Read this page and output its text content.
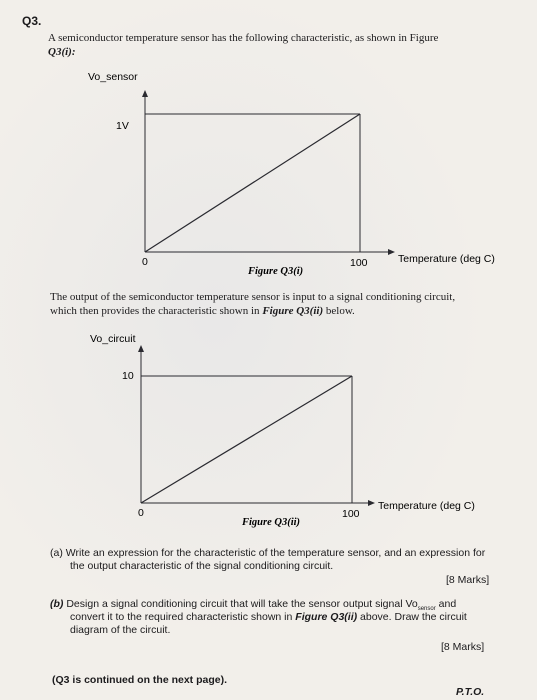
Q3.

A semiconductor temperature sensor has the following characteristic, as shown in Figure

Q3(i):

0	100
1V
Vo_sensor
Temperature (deg C)
Figure Q3(i)

The output of the semiconductor temperature sensor is input to a signal conditioning circuit,

which then provides the characteristic shown in Figure Q3(ii) below.

0	100
10
Vo_circuit
Temperature (deg C)
Figure Q3(ii)

(a) Write an expression for the characteristic of the temperature sensor, and an expression for

the output characteristic of the signal conditioning circuit.

[8 Marks]

(b) Design a signal conditioning circuit that will take the sensor output signal $Vo_{sensor}$ and

convert it to the required characteristic shown in Figure Q3(ii) above. Draw the circuit

diagram of the circuit.

[8 Marks]

(Q3 is continued on the next page).

P.T.O.
